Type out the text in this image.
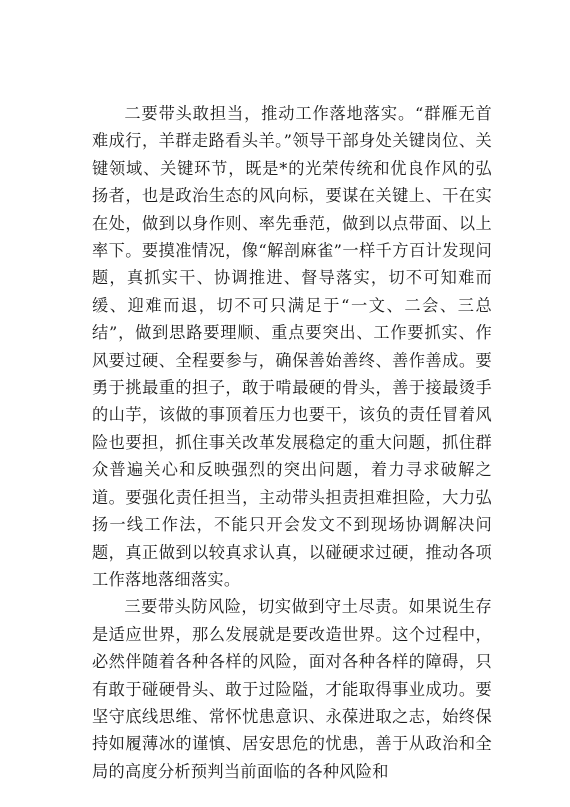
二要带头敢担当，推动工作落地落实。“群雁无首难成行，羊群走路看头羊。”领导干部身处关键岗位、关键领域、关键环节，既是*的光荣传统和优良作风的弘扬者，也是政治生态的风向标，要谋在关键上、干在实在处，做到以身作则、率先垂范，做到以点带面、以上率下。要摸准情况，像“解剖麻雀”一样千方百计发现问题，真抓实干、协调推进、督导落实，切不可知难而缓、迎难而退，切不可只满足于“一文、二会、三总结”，做到思路要理顺、重点要突出、工作要抓实、作风要过硬、全程要参与，确保善始善终、善作善成。要勇于挑最重的担子，敢于啃最硬的骨头，善于接最烫手的山芋，该做的事顶着压力也要干，该负的责任冒着风险也要担，抓住事关改革发展稳定的重大问题，抓住群众普遍关心和反映强烈的突出问题，着力寻求破解之道。要强化责任担当，主动带头担责担难担险，大力弘扬一线工作法，不能只开会发文不到现场协调解决问题，真正做到以较真求认真，以碰硬求过硬，推动各项工作落地落细落实。

三要带头防风险，切实做到守土尽责。如果说生存是适应世界，那么发展就是要改造世界。这个过程中，必然伴随着各种各样的风险，面对各种各样的障碍，只有敢于碰硬骨头、敢于过险隘，才能取得事业成功。要坚守底线思维、常怀忧患意识、永葆进取之志，始终保持如履薄冰的谨慎、居安思危的忧患，善于从政治和全局的高度分析预判当前面临的各种风险和
